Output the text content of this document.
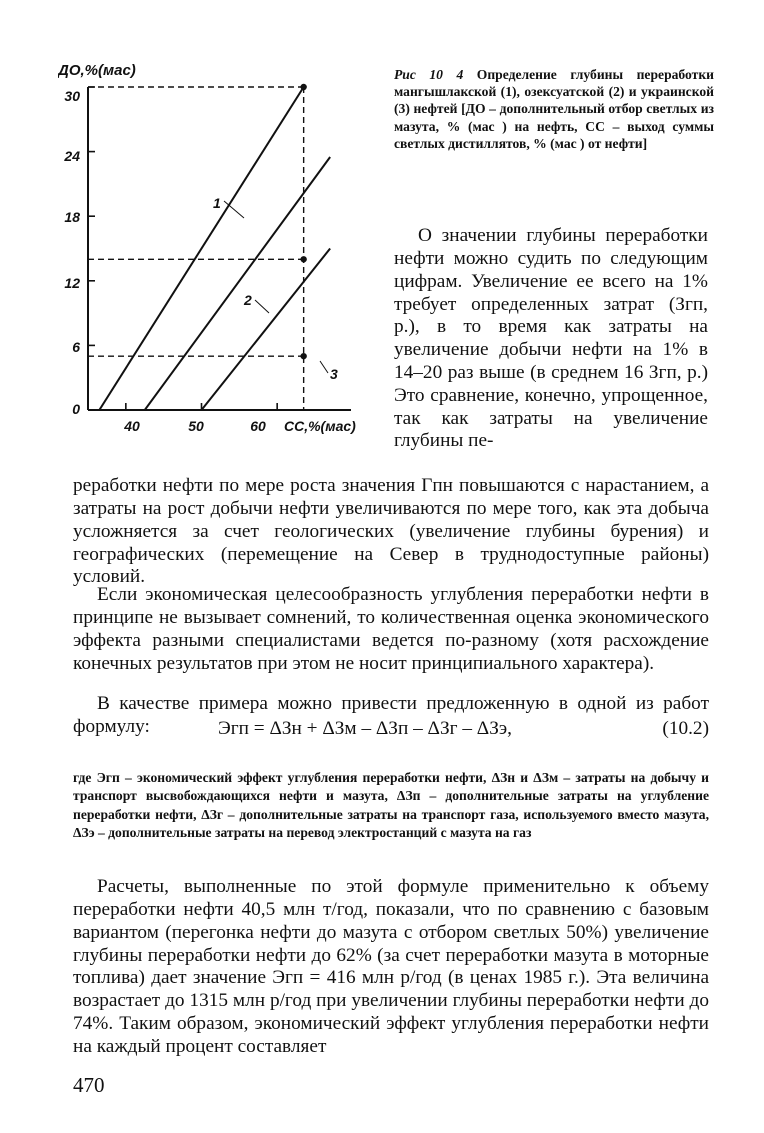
ДО,%(мас)
30
24
18
12
6
0
40	50	60 СС,%(мас)
1
2
3
Рис 10 4 Определение глубины переработки мангышлакской (1), озексуатской (2) и украинской (3) нефтей [ДО – дополнительный отбор светлых из мазута, % (мас ) на нефть, СС – выход суммы светлых дистиллятов, % (мас ) от нефти]

О значении глубины переработки нефти можно судить по следующим цифрам. Увеличение ее всего на 1% требует определенных затрат (Згп, р.), в то время как затраты на увеличение добычи нефти на 1% в 14–20 раз выше (в среднем 16 Згп, р.) Это сравнение, конечно, упрощенное, так как затраты на увеличение глубины пе-

реработки нефти по мере роста значения Гпн повышаются с нарастанием, а затраты на рост добычи нефти увеличиваются по мере того, как эта добыча усложняется за счет геологических (увеличение глубины бурения) и географических (перемещение на Север в труднодоступные районы) условий.

Если экономическая целесообразность углубления переработки нефти в принципе не вызывает сомнений, то количественная оценка экономического эффекта разными специалистами ведется по-разному (хотя расхождение конечных результатов при этом не носит принципиального характера).

В качестве примера можно привести предложенную в одной из работ формулу:	Эгп = ΔЗн + ΔЗм – ΔЗп – ΔЗг – ΔЗэ,	(10.2)

где Эгп – экономический эффект углубления переработки нефти, ΔЗн и ΔЗм – затраты на добычу и транспорт высвобождающихся нефти и мазута, ΔЗп – дополнительные затраты на углубление переработки нефти, ΔЗг – дополнительные затраты на транспорт газа, используемого вместо мазута, ΔЗэ – дополнительные затраты на перевод электростанций с мазута на газ

Расчеты, выполненные по этой формуле применительно к объему переработки нефти 40,5 млн т/год, показали, что по сравнению с базовым вариантом (перегонка нефти до мазута с отбором светлых 50%) увеличение глубины переработки нефти до 62% (за счет переработки мазута в моторные топлива) дает значение Эгп = 416 млн р/год (в ценах 1985 г.). Эта величина возрастает до 1315 млн р/год при увеличении глубины переработки нефти до 74%. Таким образом, экономический эффект углубления переработки нефти на каждый процент составляет

470
